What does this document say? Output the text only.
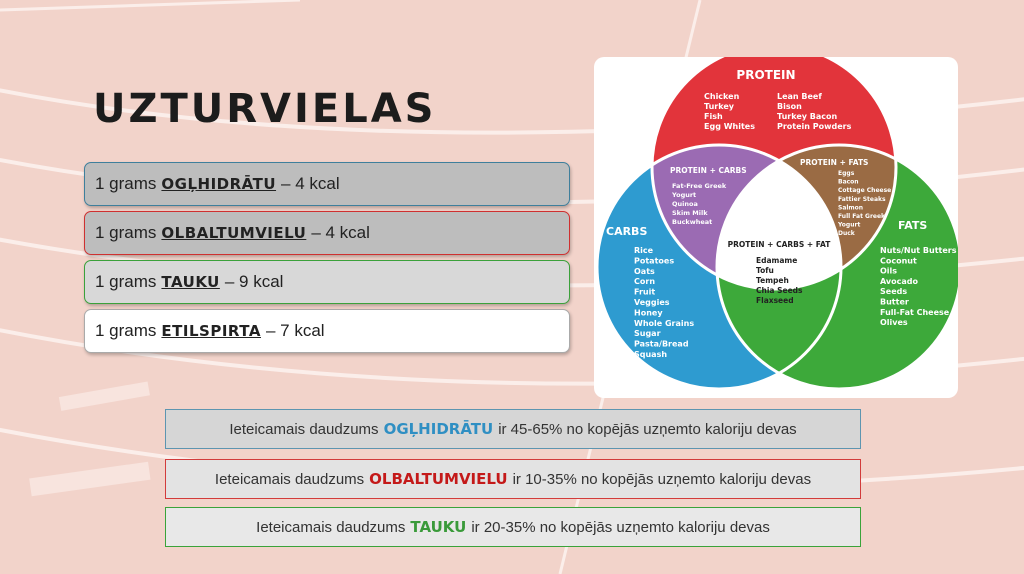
UZTURVIELAS
1 grams OGĻHIDRĀTU – 4 kcal
1 grams OLBALTUMVIELU – 4 kcal
1 grams TAUKU – 9 kcal
1 grams ETILSPIRTA – 7 kcal
PROTEIN
Chicken
Turkey
Fish
Egg Whites
Lean Beef
Bison
Turkey Bacon
Protein Powders
PROTEIN + CARBS
Fat-Free Greek
Yogurt
Quinoa
Skim Milk
Buckwheat
PROTEIN + FATS
Eggs
Bacon
Cottage Cheese
Fattier Steaks
Salmon
Full Fat Greek
Yogurt
Duck
CARBS
Rice
Potatoes
Oats
Corn
Fruit
Veggies
Honey
Whole Grains
Sugar
Pasta/Bread
Squash
FATS
Nuts/Nut Butters
Coconut
Oils
Avocado
Seeds
Butter
Full-Fat Cheese
Olives
PROTEIN + CARBS + FAT
Edamame
Tofu
Tempeh
Chia Seeds
Flaxseed
Ieteicamais daudzums OGĻHIDRĀTU ir 45-65% no kopējās uzņemto kaloriju devas
Ieteicamais daudzums OLBALTUMVIELU ir 10-35% no kopējās uzņemto kaloriju devas
Ieteicamais daudzums TAUKU ir 20-35% no kopējās uzņemto kaloriju devas
